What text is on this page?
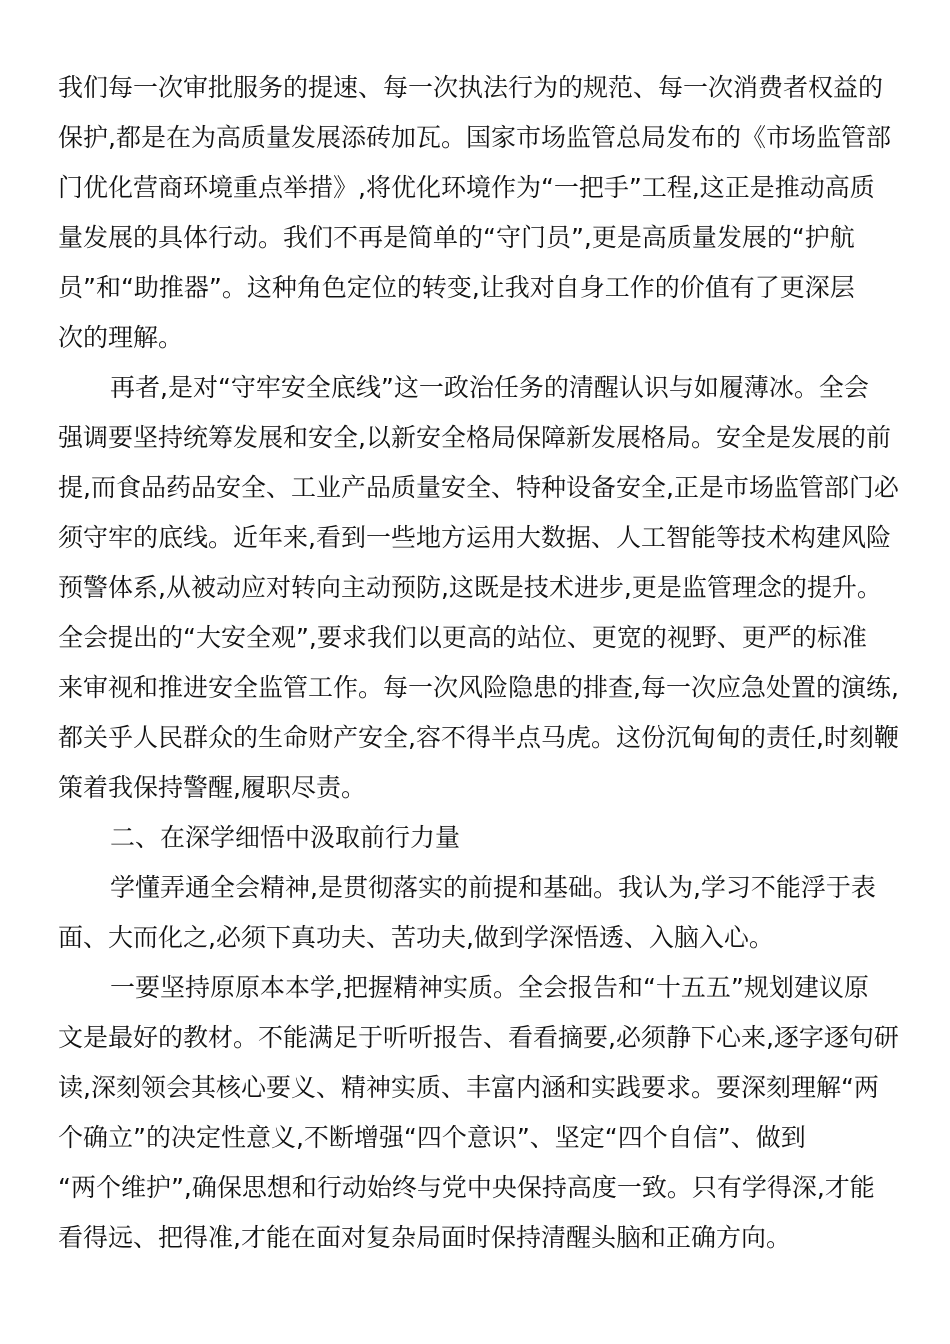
我们每一次审批服务的提速、每一次执法行为的规范、每一次消费者权益的
保护,都是在为高质量发展添砖加瓦。国家市场监管总局发布的《市场监管部
门优化营商环境重点举措》,将优化环境作为“一把手”工程,这正是推动高质
量发展的具体行动。我们不再是简单的“守门员”,更是高质量发展的“护航
员”和“助推器”。这种角色定位的转变,让我对自身工作的价值有了更深层
次的理解。
再者,是对“守牢安全底线”这一政治任务的清醒认识与如履薄冰。全会
强调要坚持统筹发展和安全,以新安全格局保障新发展格局。安全是发展的前
提,而食品药品安全、工业产品质量安全、特种设备安全,正是市场监管部门必
须守牢的底线。近年来,看到一些地方运用大数据、人工智能等技术构建风险
预警体系,从被动应对转向主动预防,这既是技术进步,更是监管理念的提升。
全会提出的“大安全观”,要求我们以更高的站位、更宽的视野、更严的标准
来审视和推进安全监管工作。每一次风险隐患的排查,每一次应急处置的演练,
都关乎人民群众的生命财产安全,容不得半点马虎。这份沉甸甸的责任,时刻鞭
策着我保持警醒,履职尽责。
二、在深学细悟中汲取前行力量
学懂弄通全会精神,是贯彻落实的前提和基础。我认为,学习不能浮于表
面、大而化之,必须下真功夫、苦功夫,做到学深悟透、入脑入心。
一要坚持原原本本学,把握精神实质。全会报告和“十五五”规划建议原
文是最好的教材。不能满足于听听报告、看看摘要,必须静下心来,逐字逐句研
读,深刻领会其核心要义、精神实质、丰富内涵和实践要求。要深刻理解“两
个确立”的决定性意义,不断增强“四个意识”、坚定“四个自信”、做到
“两个维护”,确保思想和行动始终与党中央保持高度一致。只有学得深,才能
看得远、把得准,才能在面对复杂局面时保持清醒头脑和正确方向。
